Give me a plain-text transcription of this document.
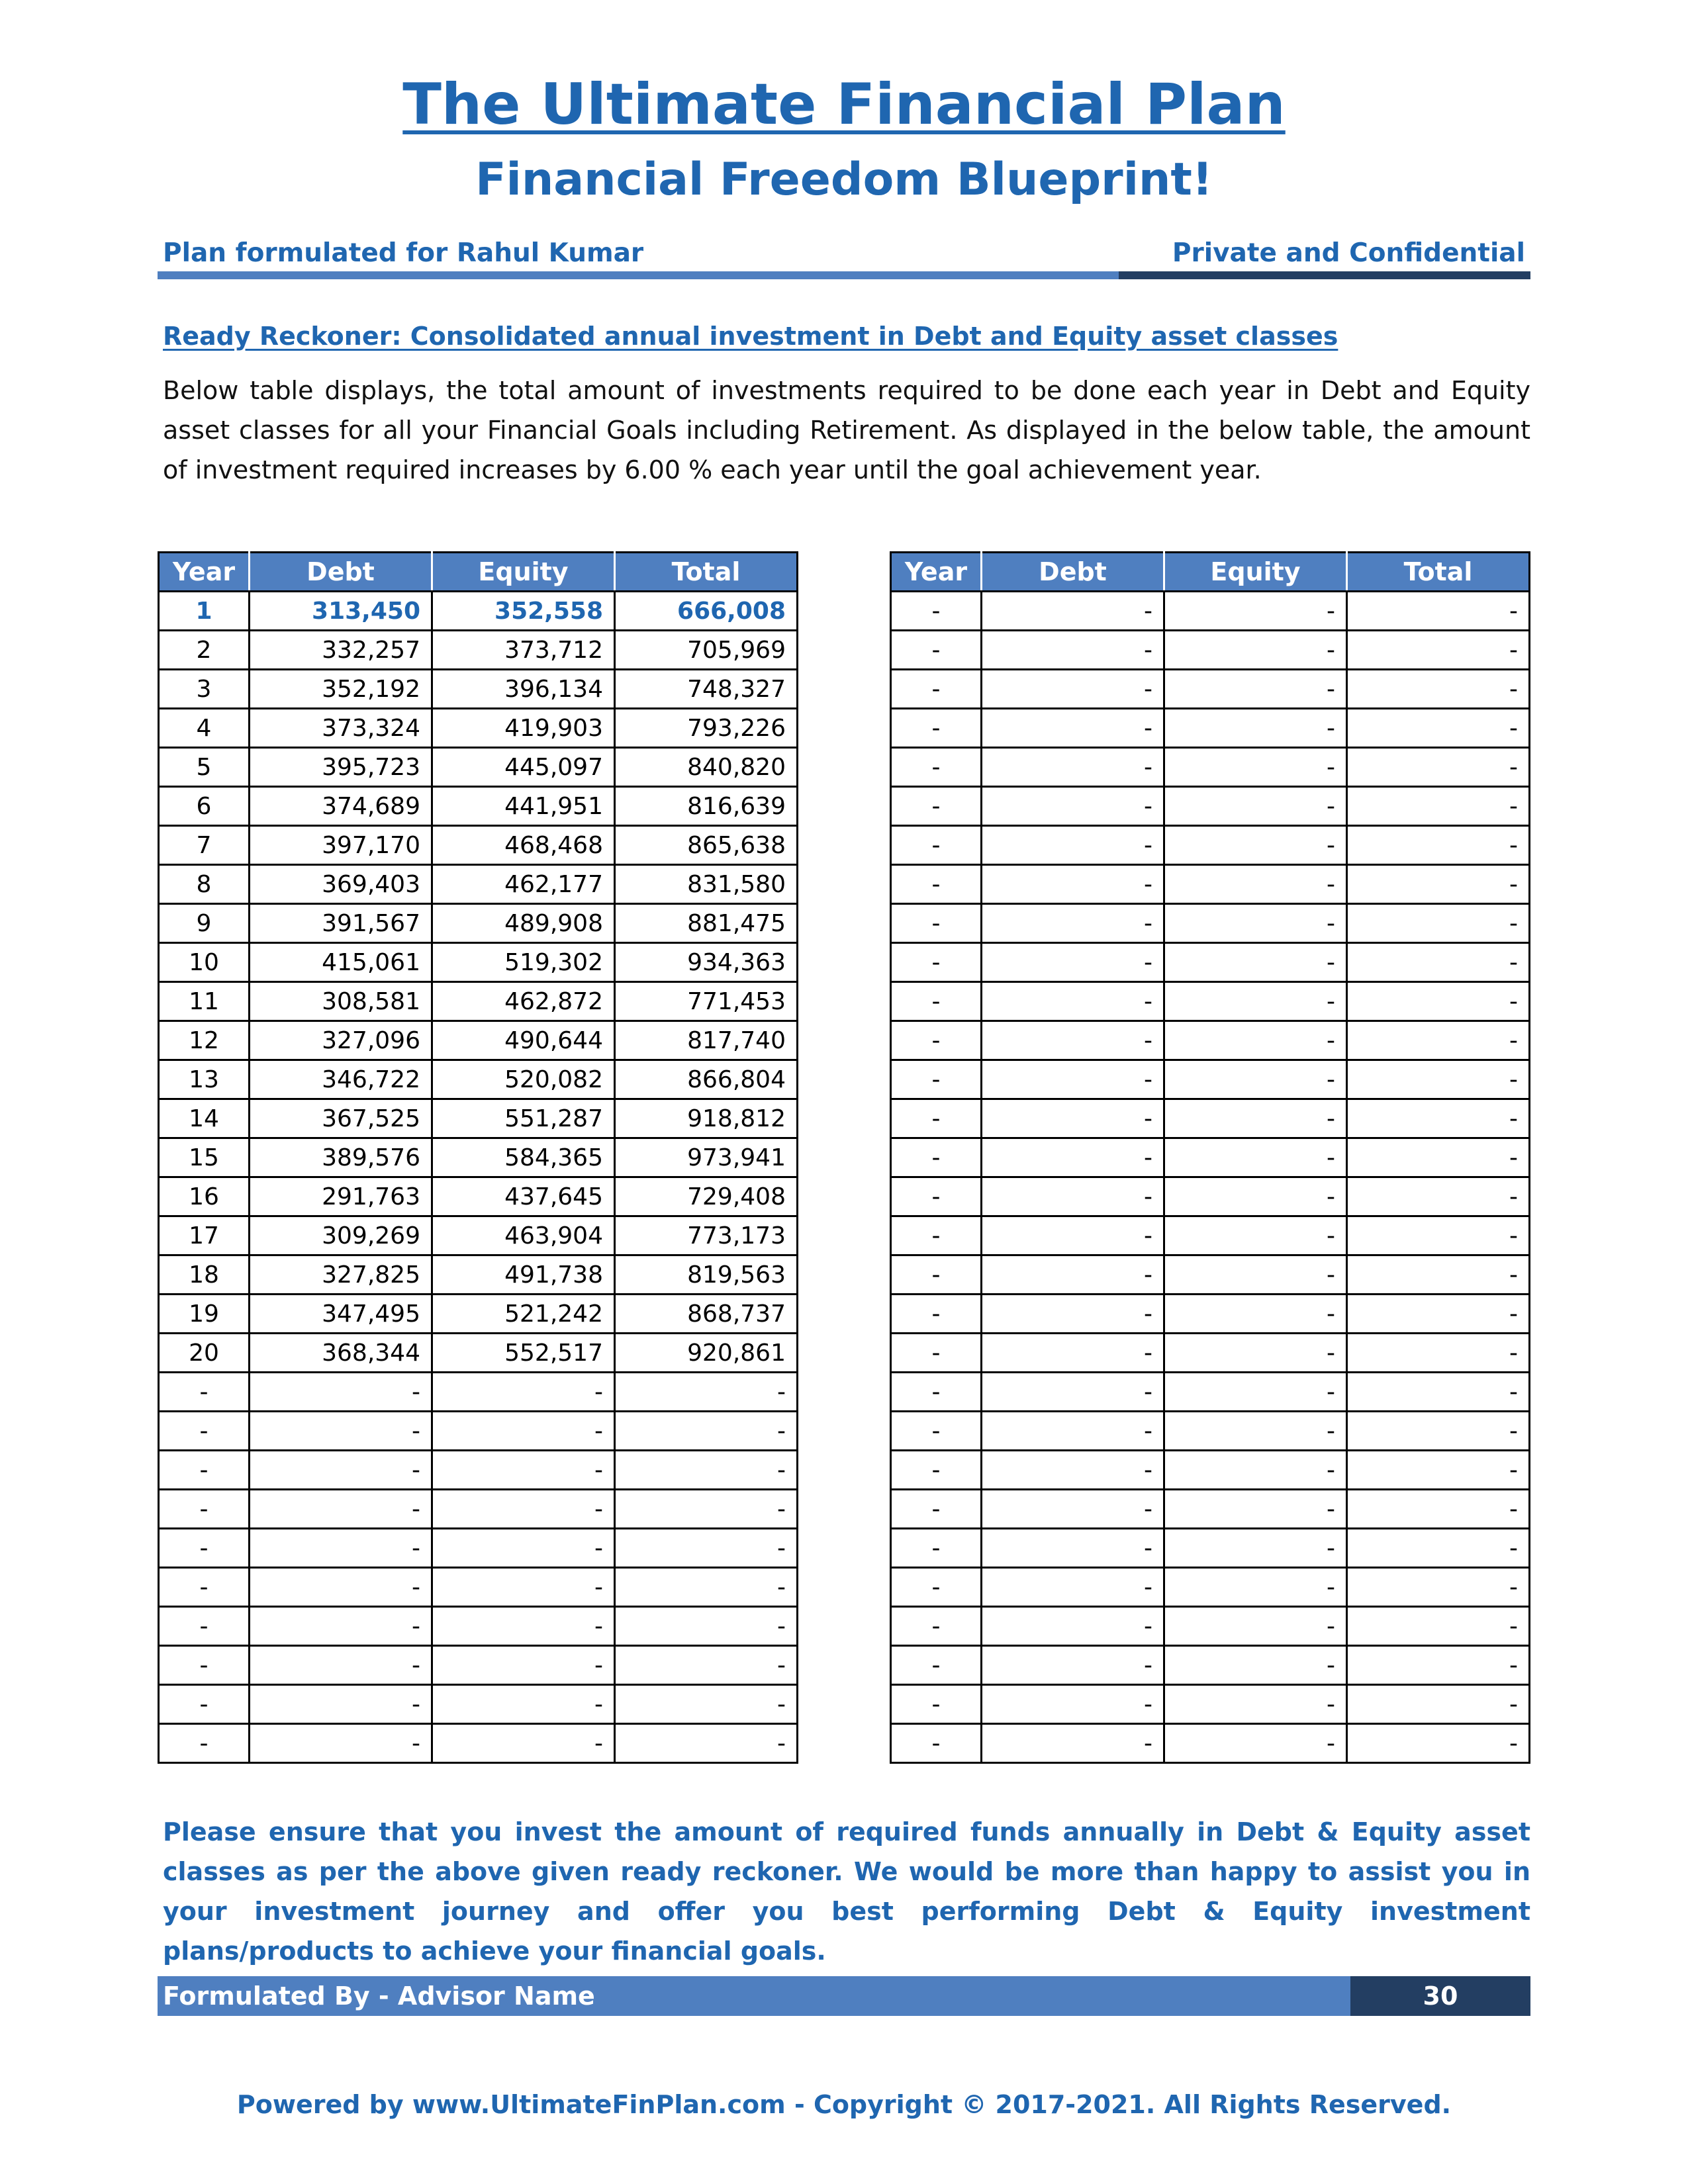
The Ultimate Financial Plan
Financial Freedom Blueprint!
Plan formulated for Rahul Kumar	Private and Confidential
Ready Reckoner: Consolidated annual investment in Debt and Equity asset classes
Below table displays, the total amount of investments required to be done each year in Debt and Equity asset classes for all your Financial Goals including Retirement. As displayed in the below table, the amount of investment required increases by 6.00 % each year until the goal achievement year.
Year	Debt	Equity	Total
1	313,450	352,558	666,008
2	332,257	373,712	705,969
3	352,192	396,134	748,327
4	373,324	419,903	793,226
5	395,723	445,097	840,820
6	374,689	441,951	816,639
7	397,170	468,468	865,638
8	369,403	462,177	831,580
9	391,567	489,908	881,475
10	415,061	519,302	934,363
11	308,581	462,872	771,453
12	327,096	490,644	817,740
13	346,722	520,082	866,804
14	367,525	551,287	918,812
15	389,576	584,365	973,941
16	291,763	437,645	729,408
17	309,269	463,904	773,173
18	327,825	491,738	819,563
19	347,495	521,242	868,737
20	368,344	552,517	920,861
-	-	-	-
-	-	-	-
-	-	-	-
-	-	-	-
-	-	-	-
-	-	-	-
-	-	-	-
-	-	-	-
-	-	-	-
-	-	-	-
Year	Debt	Equity	Total
-	-	-	-
-	-	-	-
-	-	-	-
-	-	-	-
-	-	-	-
-	-	-	-
-	-	-	-
-	-	-	-
-	-	-	-
-	-	-	-
-	-	-	-
-	-	-	-
-	-	-	-
-	-	-	-
-	-	-	-
-	-	-	-
-	-	-	-
-	-	-	-
-	-	-	-
-	-	-	-
-	-	-	-
-	-	-	-
-	-	-	-
-	-	-	-
-	-	-	-
-	-	-	-
-	-	-	-
-	-	-	-
-	-	-	-
-	-	-	-
Please ensure that you invest the amount of required funds annually in Debt & Equity asset classes as per the above given ready reckoner. We would be more than happy to assist you in your investment journey and offer you best performing Debt & Equity investment plans/products to achieve your financial goals.
Formulated By - Advisor Name	30
Powered by www.UltimateFinPlan.com - Copyright © 2017-2021. All Rights Reserved.
